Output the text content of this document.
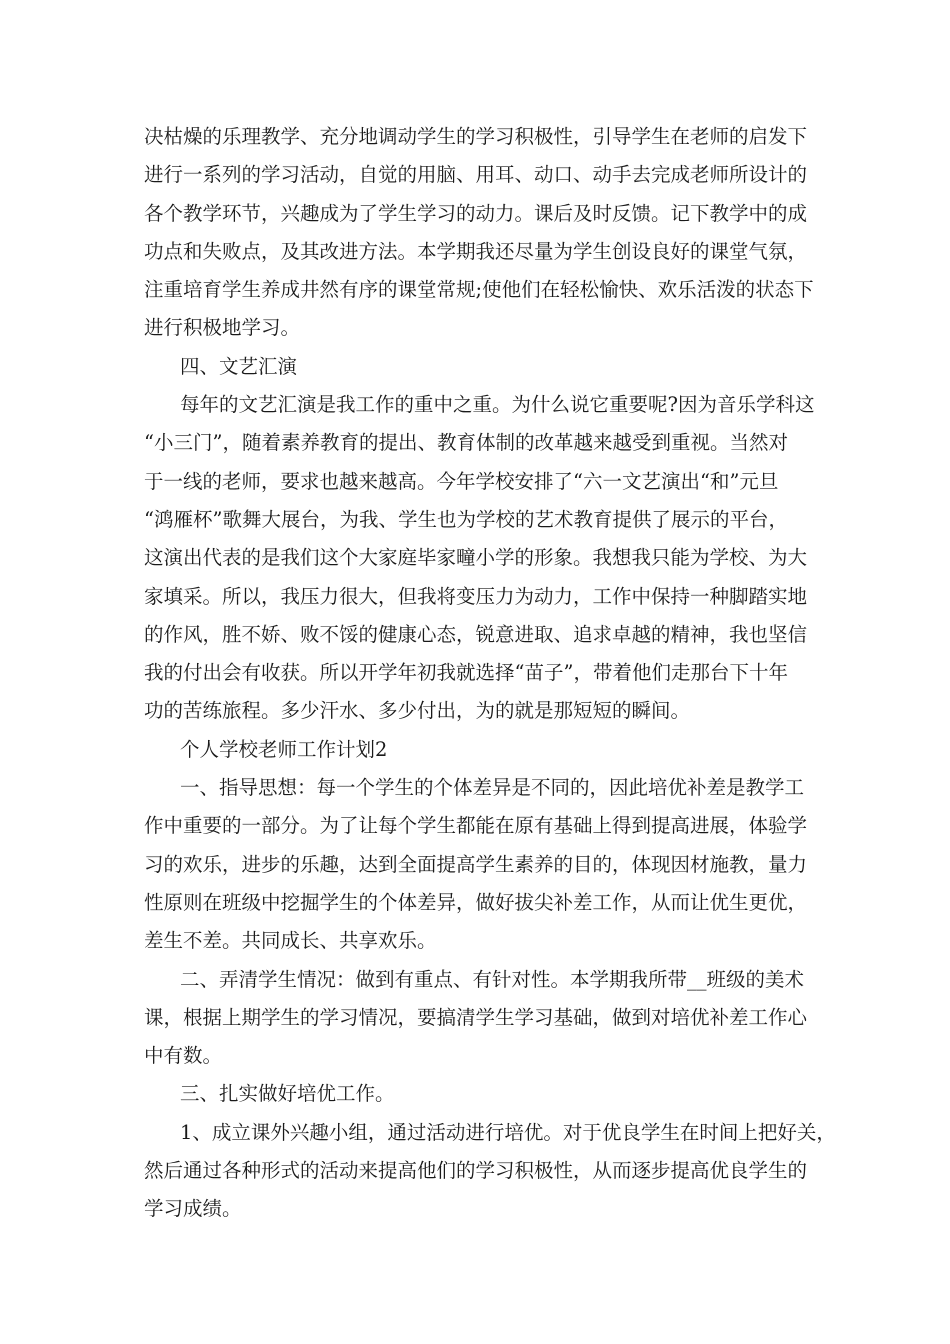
决枯燥的乐理教学、充分地调动学生的学习积极性，引导学生在老师的启发下
进行一系列的学习活动，自觉的用脑、用耳、动口、动手去完成老师所设计的
各个教学环节，兴趣成为了学生学习的动力。课后及时反馈。记下教学中的成
功点和失败点，及其改进方法。本学期我还尽量为学生创设良好的课堂气氛，
注重培育学生养成井然有序的课堂常规;使他们在轻松愉快、欢乐活泼的状态下
进行积极地学习。
四、文艺汇演
每年的文艺汇演是我工作的重中之重。为什么说它重要呢?因为音乐学科这
“小三门”，随着素养教育的提出、教育体制的改革越来越受到重视。当然对
于一线的老师，要求也越来越高。今年学校安排了“六一文艺演出“和”元旦
“鸿雁杯”歌舞大展台，为我、学生也为学校的艺术教育提供了展示的平台，
这演出代表的是我们这个大家庭毕家疃小学的形象。我想我只能为学校、为大
家填采。所以，我压力很大，但我将变压力为动力，工作中保持一种脚踏实地
的作风，胜不娇、败不馁的健康心态，锐意进取、追求卓越的精神，我也坚信
我的付出会有收获。所以开学年初我就选择“苗子”，带着他们走那台下十年
功的苦练旅程。多少汗水、多少付出，为的就是那短短的瞬间。
个人学校老师工作计划2
一、指导思想：每一个学生的个体差异是不同的，因此培优补差是教学工
作中重要的一部分。为了让每个学生都能在原有基础上得到提高进展，体验学
习的欢乐，进步的乐趣，达到全面提高学生素养的目的，体现因材施教，量力
性原则在班级中挖掘学生的个体差异，做好拔尖补差工作，从而让优生更优，
差生不差。共同成长、共享欢乐。
二、弄清学生情况：做到有重点、有针对性。本学期我所带__班级的美术
课，根据上期学生的学习情况，要搞清学生学习基础，做到对培优补差工作心
中有数。
三、扎实做好培优工作。
1、成立课外兴趣小组，通过活动进行培优。对于优良学生在时间上把好关，
然后通过各种形式的活动来提高他们的学习积极性，从而逐步提高优良学生的
学习成绩。
